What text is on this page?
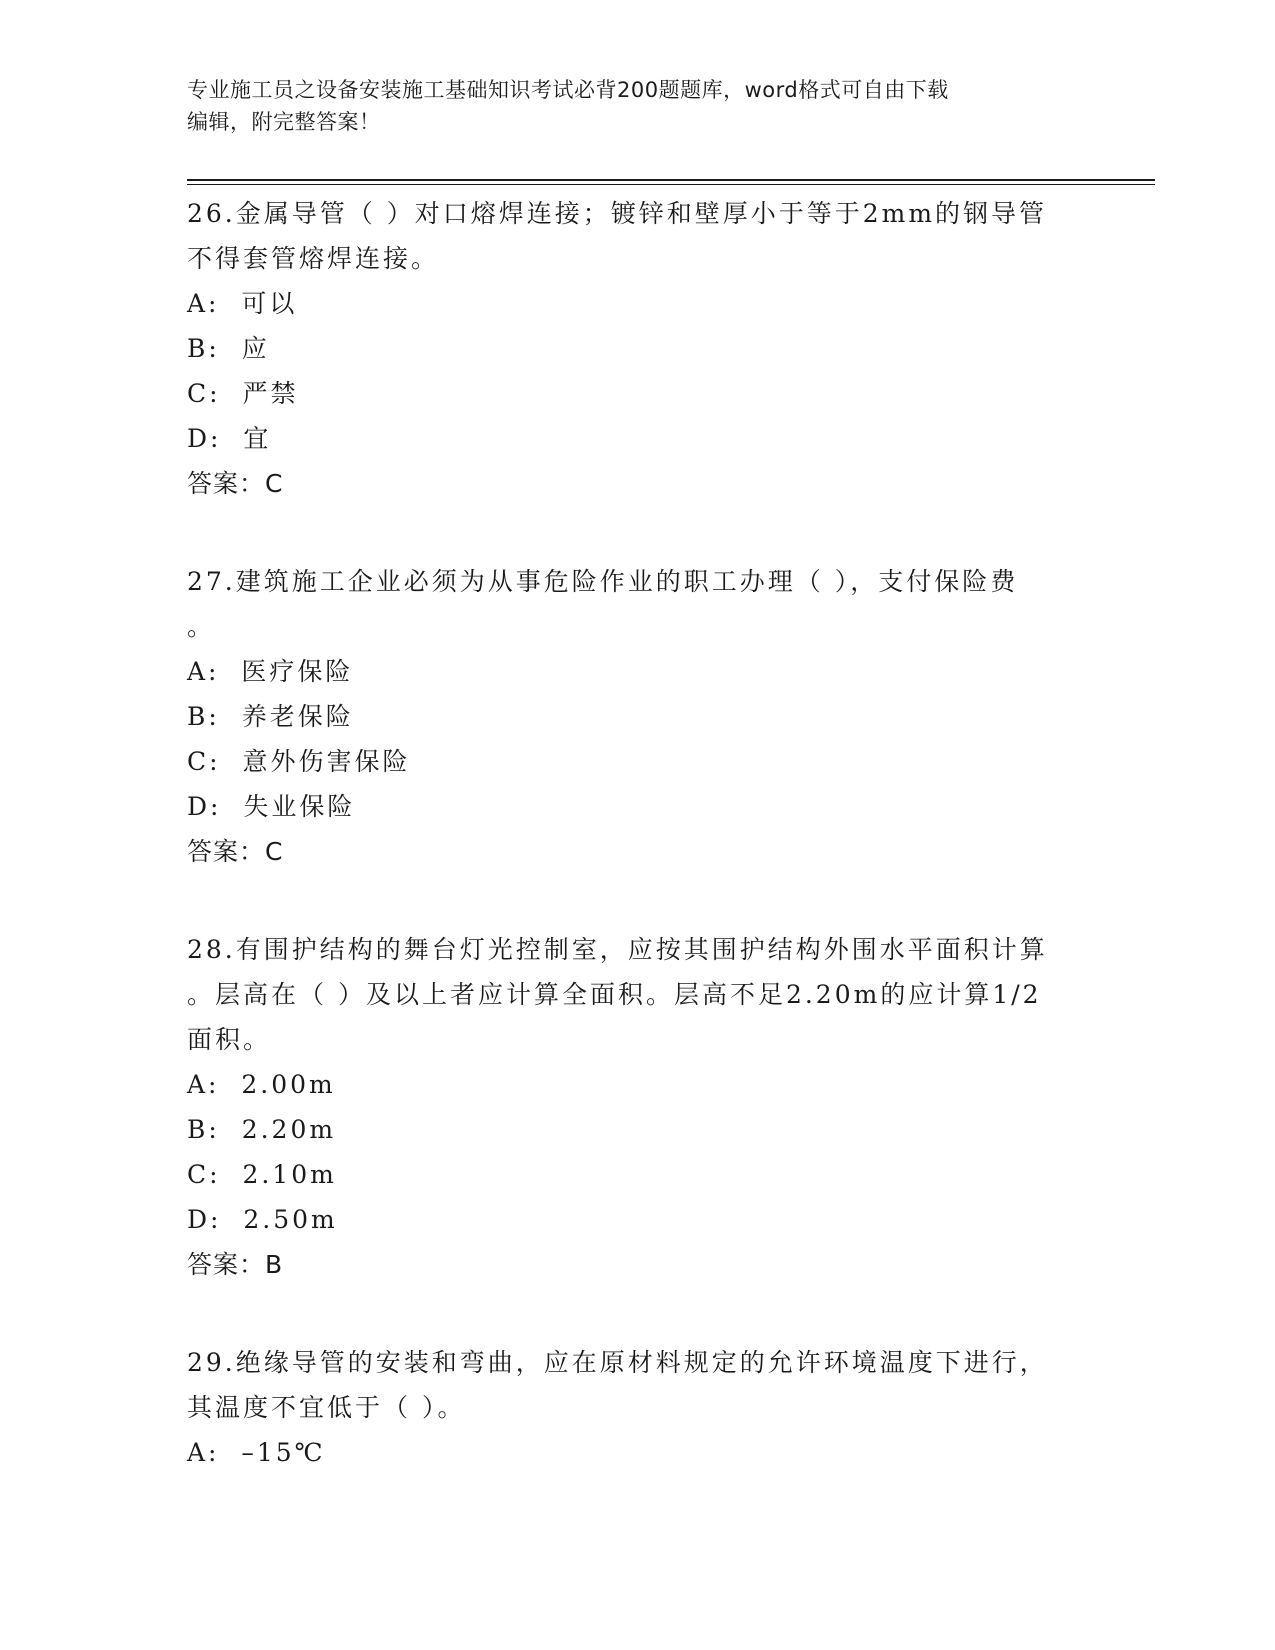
专业施工员之设备安装施工基础知识考试必背200题题库，word格式可自由下载
编辑，附完整答案！

26.金属导管（ ）对口熔焊连接；镀锌和壁厚小于等于2mm的钢导管

不得套管熔焊连接。

A:  可以

B:  应

C:  严禁

D:  宜

答案：C

27.建筑施工企业必须为从事危险作业的职工办理（ ），支付保险费

。

A:  医疗保险

B:  养老保险

C:  意外伤害保险

D:  失业保险

答案：C

28.有围护结构的舞台灯光控制室，应按其围护结构外围水平面积计算

。层高在（ ）及以上者应计算全面积。层高不足2.20m的应计算1/2

面积。

A:  2.00m

B:  2.20m

C:  2.10m

D:  2.50m

答案：B

29.绝缘导管的安装和弯曲，应在原材料规定的允许环境温度下进行，

其温度不宜低于（ ）。

A:  –15℃
